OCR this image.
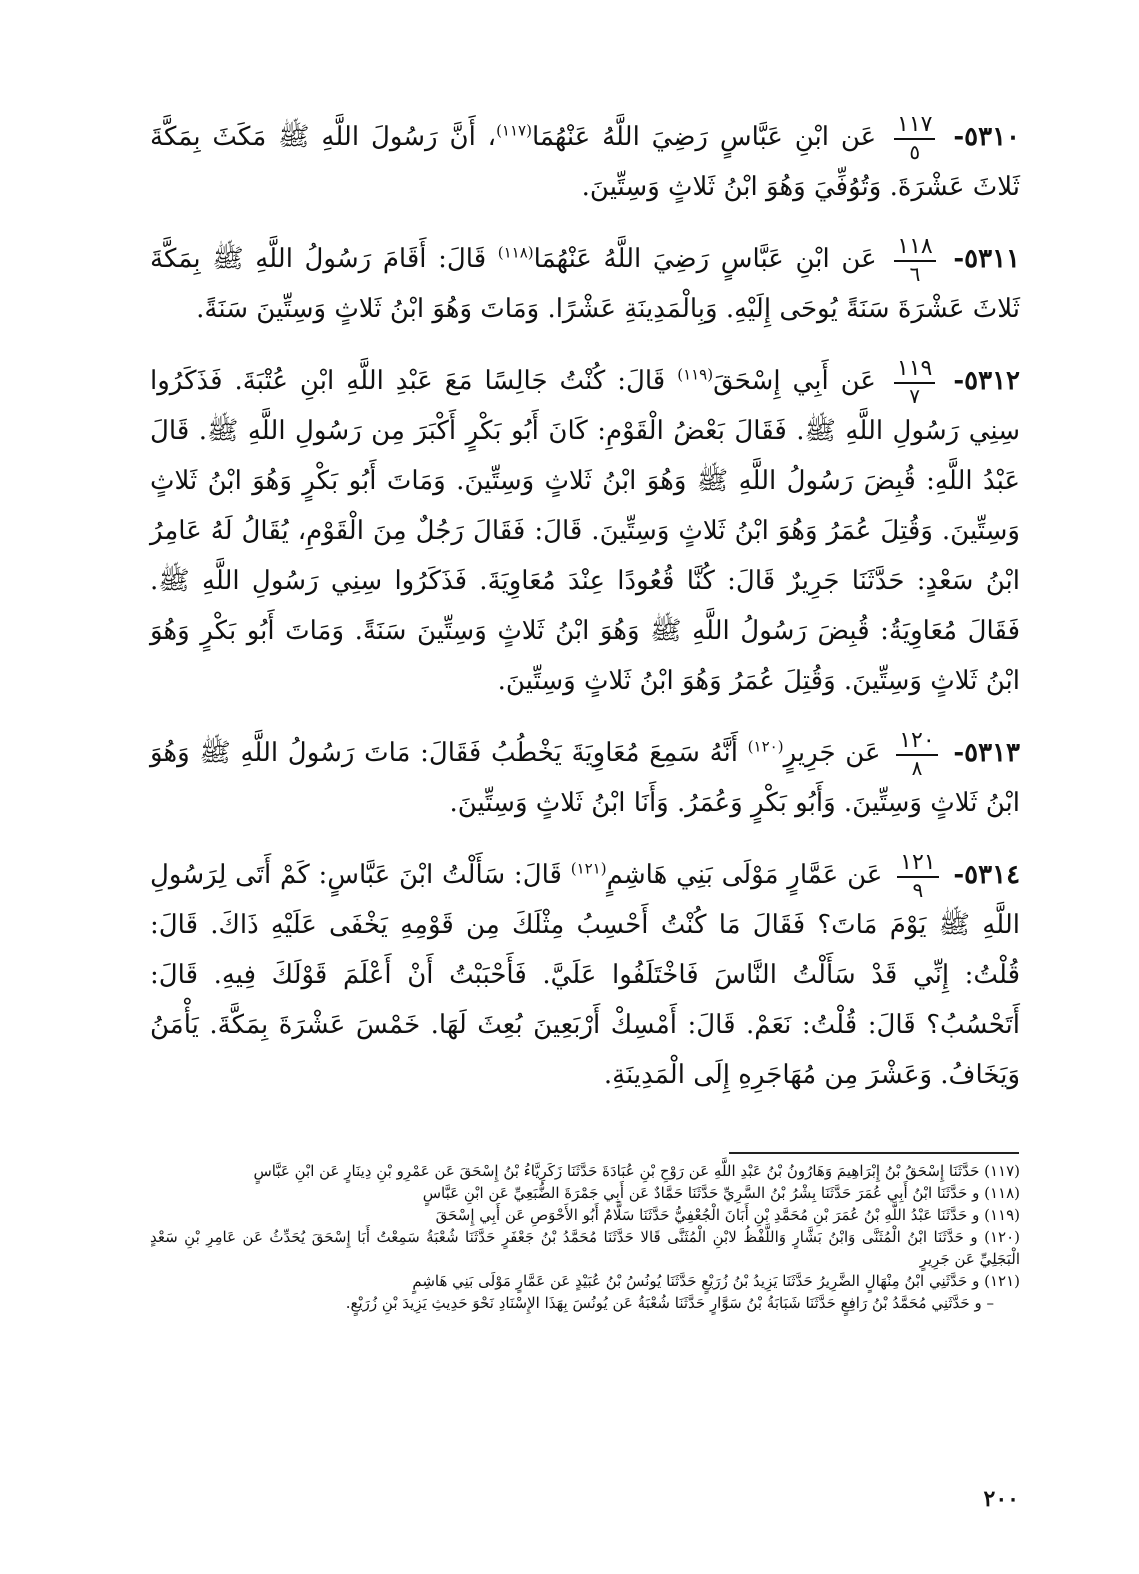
٥٣١٠-
$\frac{١١٧}{٥}$
عَن ابْنِ عَبَّاسٍ رَضِيَ اللَّهُ عَنْهُمَا$^{(١١٧)}$، أَنَّ رَسُولَ اللَّهِ ﷺ مَكَثَ بِمَكَّةَ ثَلاثَ عَشْرَةَ. وَتُوُفِّيَ وَهُوَ ابْنُ ثَلاثٍ وَسِتِّينَ.

٥٣١١-
$\frac{١١٨}{٦}$
عَن ابْنِ عَبَّاسٍ رَضِيَ اللَّهُ عَنْهُمَا$^{(١١٨)}$ قَالَ: أَقَامَ رَسُولُ اللَّهِ ﷺ بِمَكَّةَ ثَلاثَ عَشْرَةَ سَنَةً يُوحَى إِلَيْهِ. وَبِالْمَدِينَةِ عَشْرًا. وَمَاتَ وَهُوَ ابْنُ ثَلاثٍ وَسِتِّينَ سَنَةً.

٥٣١٢-
$\frac{١١٩}{٧}$
عَن أَبِي إِسْحَقَ$^{(١١٩)}$ قَالَ: كُنْتُ جَالِسًا مَعَ عَبْدِ اللَّهِ ابْنِ عُتْبَةَ. فَذَكَرُوا سِنِي رَسُولِ اللَّهِ ﷺ. فَقَالَ بَعْضُ الْقَوْمِ: كَانَ أَبُو بَكْرٍ أَكْبَرَ مِن رَسُولِ اللَّهِ ﷺ. قَالَ عَبْدُ اللَّهِ: قُبِضَ رَسُولُ اللَّهِ ﷺ وَهُوَ ابْنُ ثَلاثٍ وَسِتِّينَ. وَمَاتَ أَبُو بَكْرٍ وَهُوَ ابْنُ ثَلاثٍ وَسِتِّينَ. وَقُتِلَ عُمَرُ وَهُوَ ابْنُ ثَلاثٍ وَسِتِّينَ. قَالَ: فَقَالَ رَجُلٌ مِنَ الْقَوْمِ، يُقَالُ لَهُ عَامِرُ ابْنُ سَعْدٍ: حَدَّثَنَا جَرِيرٌ قَالَ: كُنَّا قُعُودًا عِنْدَ مُعَاوِيَةَ. فَذَكَرُوا سِنِي رَسُولِ اللَّهِ ﷺ. فَقَالَ مُعَاوِيَةُ: قُبِضَ رَسُولُ اللَّهِ ﷺ وَهُوَ ابْنُ ثَلاثٍ وَسِتِّينَ سَنَةً. وَمَاتَ أَبُو بَكْرٍ وَهُوَ ابْنُ ثَلاثٍ وَسِتِّينَ. وَقُتِلَ عُمَرُ وَهُوَ ابْنُ ثَلاثٍ وَسِتِّينَ.

٥٣١٣-
$\frac{١٢٠}{٨}$
عَن جَرِيرٍ$^{(١٢٠)}$ أَنَّهُ سَمِعَ مُعَاوِيَةَ يَخْطُبُ فَقَالَ: مَاتَ رَسُولُ اللَّهِ ﷺ وَهُوَ ابْنُ ثَلاثٍ وَسِتِّينَ. وَأَبُو بَكْرٍ وَعُمَرُ. وَأَنَا ابْنُ ثَلاثٍ وَسِتِّينَ.

٥٣١٤-
$\frac{١٢١}{٩}$
عَن عَمَّارٍ مَوْلَى بَنِي هَاشِمٍ$^{(١٢١)}$ قَالَ: سَأَلْتُ ابْنَ عَبَّاسٍ: كَمْ أَتَى لِرَسُولِ اللَّهِ ﷺ يَوْمَ مَاتَ؟ فَقَالَ مَا كُنْتُ أَحْسِبُ مِثْلَكَ مِن قَوْمِهِ يَخْفَى عَلَيْهِ ذَاكَ. قَالَ: قُلْتُ: إِنِّي قَدْ سَأَلْتُ النَّاسَ فَاخْتَلَفُوا عَلَيَّ. فَأَحْبَبْتُ أَنْ أَعْلَمَ قَوْلَكَ فِيهِ. قَالَ: أَتَحْسُبُ؟ قَالَ: قُلْتُ: نَعَمْ. قَالَ: أَمْسِكْ أَرْبَعِينَ بُعِثَ لَهَا. خَمْسَ عَشْرَةَ بِمَكَّةَ. يَأْمَنُ وَيَخَافُ. وَعَشْرَ مِن مُهَاجَرِهِ إِلَى الْمَدِينَةِ.

(١١٧) حَدَّثَنَا إِسْحَقُ بْنُ إِبْرَاهِيمَ وَهَارُونُ بْنُ عَبْدِ اللَّهِ عَن رَوْحِ بْنِ عُبَادَةَ حَدَّثَنَا زَكَرِيَّاءُ بْنُ إِسْحَقَ عَن عَمْرِو بْنِ دِينَارٍ عَن ابْنِ عَبَّاسٍ

(١١٨) و حَدَّثَنَا ابْنُ أَبِي عُمَرَ حَدَّثَنَا بِشْرُ بْنُ السَّرِيِّ حَدَّثَنَا حَمَّادٌ عَن أَبِي جَمْرَةَ الضُّبَعِيِّ عَن ابْنِ عَبَّاسٍ

(١١٩) و حَدَّثَنَا عَبْدُ اللَّهِ بْنُ عُمَرَ بْنِ مُحَمَّدِ بْنِ أَبَانَ الْجُعْفِيُّ حَدَّثَنَا سَلَّامٌ أَبُو الأَحْوَصِ عَن أَبِي إِسْحَقَ

(١٢٠) و حَدَّثَنَا ابْنُ الْمُثَنَّى وَابْنُ بَشَّارٍ وَاللَّفْظُ لابْنِ الْمُثَنَّى قَالا حَدَّثَنَا مُحَمَّدُ بْنُ جَعْفَرٍ حَدَّثَنَا شُعْبَةُ سَمِعْتُ أَبَا إِسْحَقَ يُحَدِّثُ عَن عَامِرِ بْنِ سَعْدٍ الْبَجَلِيِّ عَن جَرِيرٍ

(١٢١) و حَدَّثَنِي ابْنُ مِنْهَالٍ الضَّرِيرُ حَدَّثَنَا يَزِيدُ بْنُ زُرَيْعٍ حَدَّثَنَا يُونُسُ بْنُ عُبَيْدٍ عَن عَمَّارٍ مَوْلَى بَنِي هَاشِمٍ

– و حَدَّثَنِي مُحَمَّدُ بْنُ رَافِعٍ حَدَّثَنَا شَبَابَةُ بْنُ سَوَّارٍ حَدَّثَنَا شُعْبَةُ عَن يُونُسَ بِهَذَا الإِسْنَادِ نَحْوَ حَدِيثِ يَزِيدَ بْنِ زُرَيْعٍ.

٢٠٠
